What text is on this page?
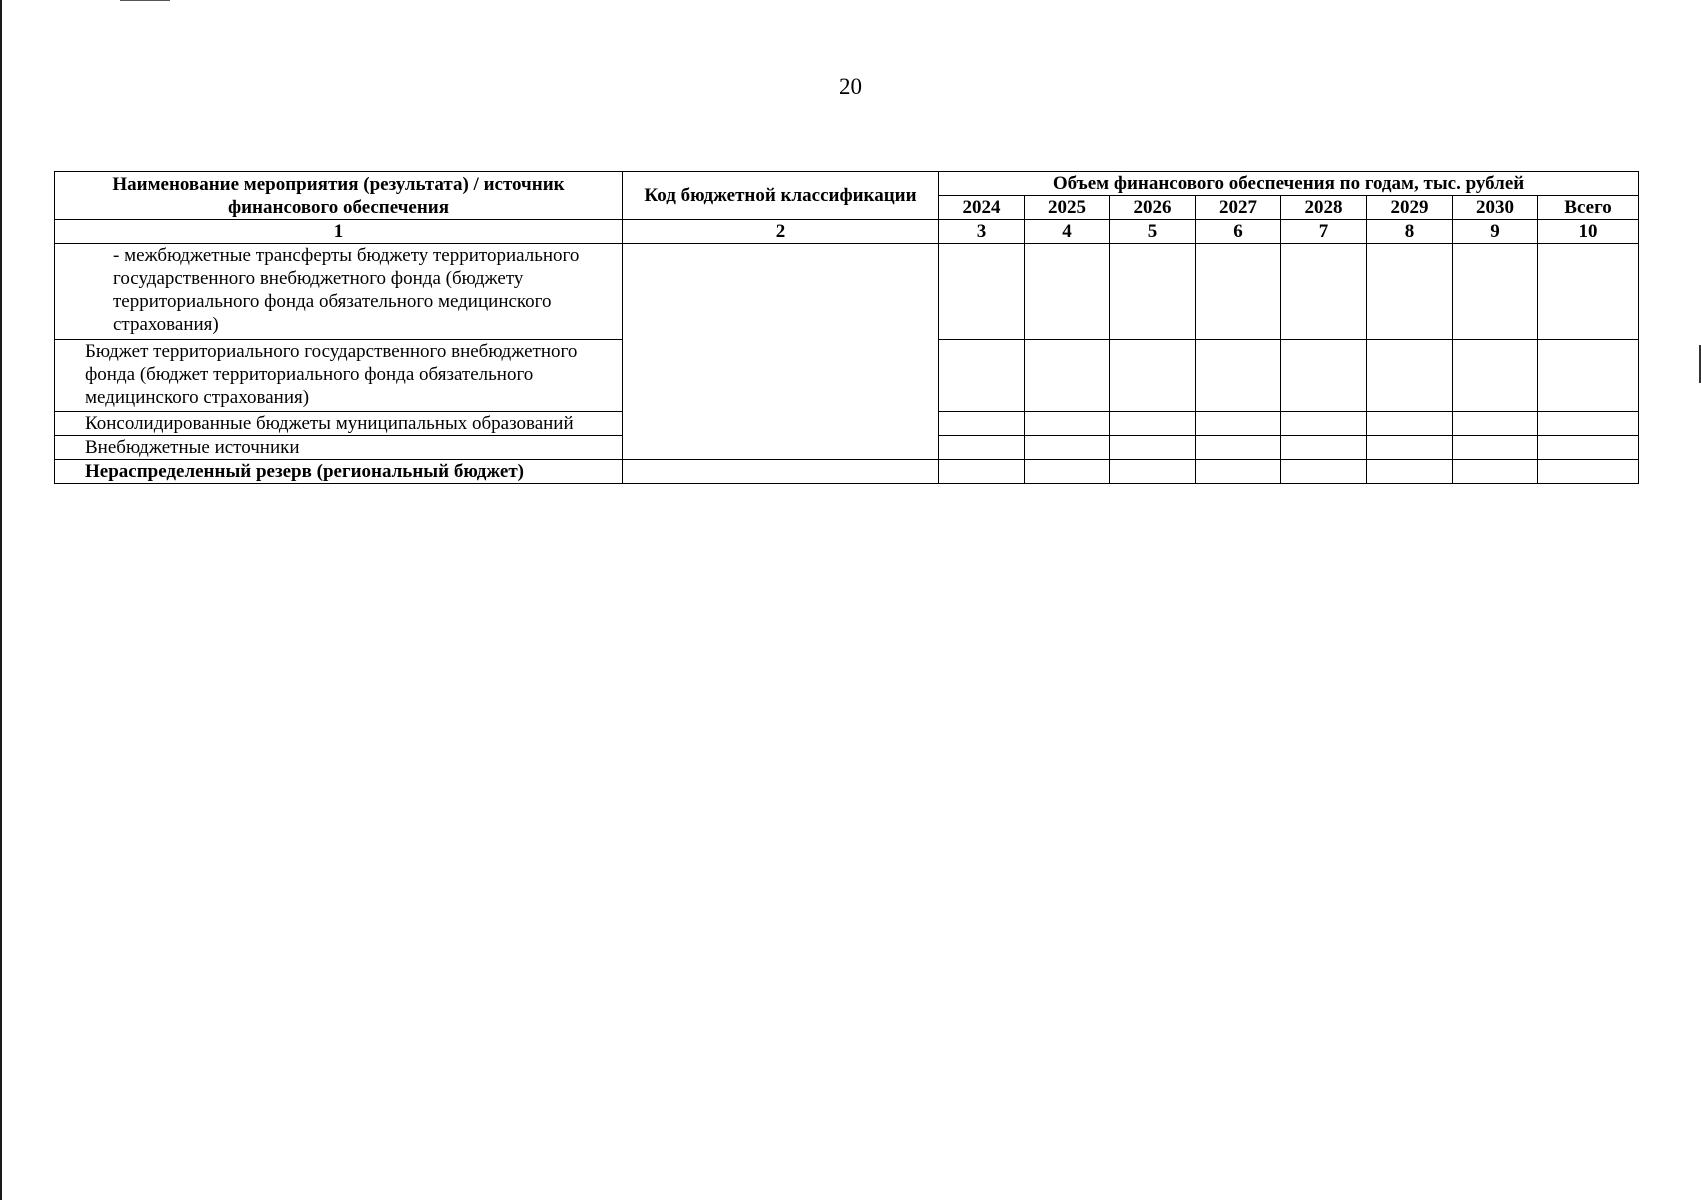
20
Наименование мероприятия (результата) / источник финансового обеспечения	Код бюджетной классификации	Объем финансового обеспечения по годам, тыс. рублей							
		2024	2025	2026	2027	2028	2029	2030	Всего
1	2	3	4	5	6	7	8	9	10
- межбюджетные трансферты бюджету территориального государственного внебюджетного фонда (бюджету территориального фонда обязательного медицинского страхования)									
Бюджет территориального государственного внебюджетного фонда (бюджет территориального фонда обязательного медицинского страхования)									
Консолидированные бюджеты муниципальных образований									
Внебюджетные источники									
Нераспределенный резерв (региональный бюджет)									
